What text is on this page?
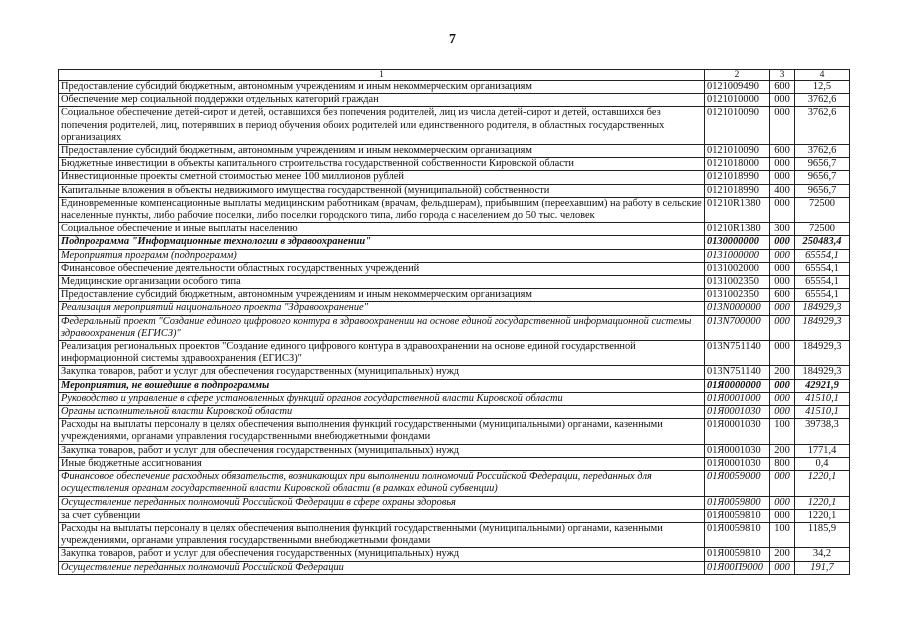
7
1	2	3	4
Предоставление субсидий бюджетным, автономным учреждениям и иным некоммерческим организациям	0121009490	600	12,5
Обеспечение мер социальной поддержки отдельных категорий граждан	0121010000	000	3762,6
Социальное обеспечение детей-сирот и детей, оставшихся без попечения родителей, лиц из числа детей-сирот и детей, оставшихся без попечения родителей, лиц, потерявших в период обучения обоих родителей или единственного родителя, в областных государственных организациях	0121010090	000	3762,6
Предоставление субсидий бюджетным, автономным учреждениям и иным некоммерческим организациям	0121010090	600	3762,6
Бюджетные инвестиции в объекты капитального строительства государственной собственности Кировской области	0121018000	000	9656,7
Инвестиционные проекты сметной стоимостью менее 100 миллионов рублей	0121018990	000	9656,7
Капитальные вложения в объекты недвижимого имущества государственной (муниципальной) собственности	0121018990	400	9656,7
Единовременные компенсационные выплаты медицинским работникам (врачам, фельдшерам), прибывшим (переехавшим) на работу в сельские населенные пункты, либо рабочие поселки, либо поселки городского типа, либо города с населением до 50 тыс. человек	01210R1380	000	72500
Социальное обеспечение и иные выплаты населению	01210R1380	300	72500
Подпрограмма "Информационные технологии в здравоохранении"	0130000000	000	250483,4
Мероприятия программ (подпрограмм)	0131000000	000	65554,1
Финансовое обеспечение деятельности областных государственных учреждений	0131002000	000	65554,1
Медицинские организации особого типа	0131002350	000	65554,1
Предоставление субсидий бюджетным, автономным учреждениям и иным некоммерческим организациям	0131002350	600	65554,1
Реализация мероприятий национального проекта "Здравоохранение"	013N000000	000	184929,3
Федеральный проект "Создание единого цифрового контура в здравоохранении на основе единой государственной информационной системы здравоохранения (ЕГИСЗ)"	013N700000	000	184929,3
Реализация региональных проектов "Создание единого цифрового контура в здравоохранении на основе единой государственной информационной системы здравоохранения (ЕГИСЗ)"	013N751140	000	184929,3
Закупка товаров, работ и услуг для обеспечения государственных (муниципальных) нужд	013N751140	200	184929,3
Мероприятия, не вошедшие в подпрограммы	01Я0000000	000	42921,9
Руководство и управление в сфере установленных функций органов государственной власти Кировской области	01Я0001000	000	41510,1
Органы исполнительной власти Кировской области	01Я0001030	000	41510,1
Расходы на выплаты персоналу в целях обеспечения выполнения функций государственными (муниципальными) органами, казенными учреждениями, органами управления государственными внебюджетными фондами	01Я0001030	100	39738,3
Закупка товаров, работ и услуг для обеспечения государственных (муниципальных) нужд	01Я0001030	200	1771,4
Иные бюджетные ассигнования	01Я0001030	800	0,4
Финансовое обеспечение расходных обязательств, возникающих при выполнении полномочий Российской Федерации, переданных для осуществления органам государственной власти Кировской области (в рамках единой субвенции)	01Я0059000	000	1220,1
Осуществление переданных полномочий Российской Федерации в сфере охраны здоровья	01Я0059800	000	1220,1
за счет субвенции	01Я0059810	000	1220,1
Расходы на выплаты персоналу в целях обеспечения выполнения функций государственными (муниципальными) органами, казенными учреждениями, органами управления государственными внебюджетными фондами	01Я0059810	100	1185,9
Закупка товаров, работ и услуг для обеспечения государственных (муниципальных) нужд	01Я0059810	200	34,2
Осуществление переданных полномочий Российской Федерации	01Я00П9000	000	191,7
